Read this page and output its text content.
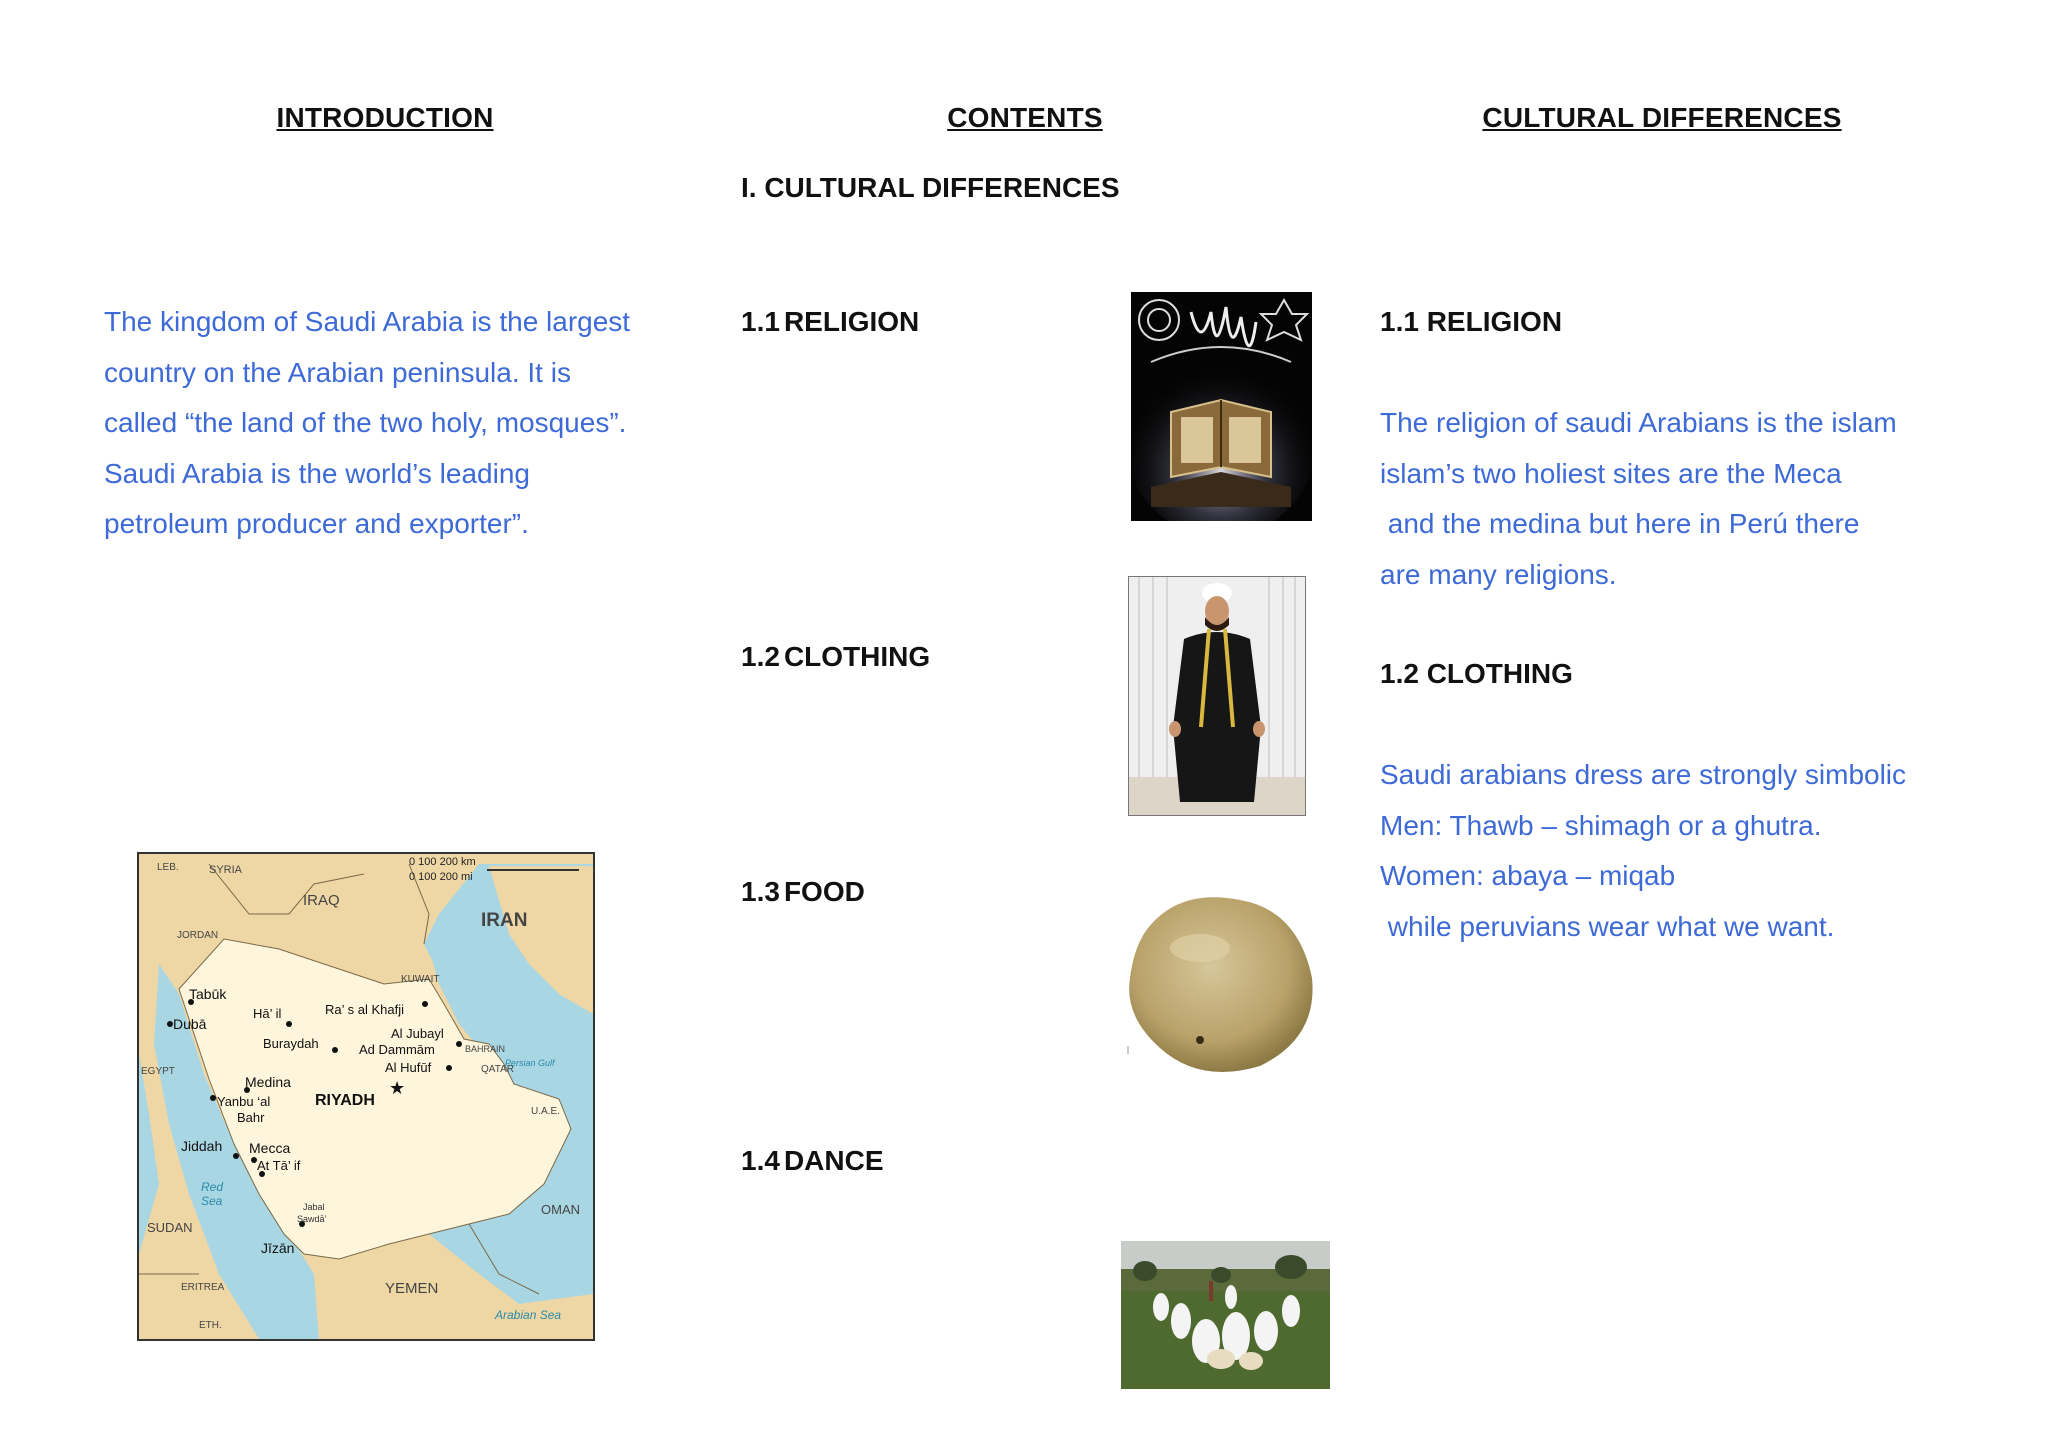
INTRODUCTION

The kingdom of Saudi Arabia is the largest

country on the Arabian peninsula. It is

called “the land of the two holy, mosques”.

Saudi Arabia is the world’s leading

petroleum producer and exporter”.

★
0 100 200 km
0 100 200 mi
LEB.	SYRIA
IRAQ
IRAN
JORDAN
KUWAIT
BAHRAIN
QATAR
EGYPT
U.A.E.
OMAN
SUDAN
ERITREA	YEMEN
ETH.
Persian Gulf
Red Sea
Arabian Sea
Tabūk
Dubā
Hā’ il	Ra’ s al Khafji
Buraydah
Al Jubayl
Ad Dammām
Al Hufūf
Medina
RIYADH
Yanbu ‘al
Bahr
Jiddah Mecca
At Tā’ if
Jabal
Sawdā’
Jīzān
CONTENTS
I. CULTURAL DIFFERENCES
1.1 RELIGION
1.2 CLOTHING
1.3 FOOD
1.4 DANCE
CULTURAL DIFFERENCES
1.1 RELIGION

The religion of saudi Arabians is the islam

islam’s two holiest sites are the Meca

and the medina but here in Perú there

are many religions.

1.2 CLOTHING

Saudi arabians dress are strongly simbolic

Men: Thawb – shimagh or a ghutra.

Women: abaya – miqab

while peruvians wear what we want.
